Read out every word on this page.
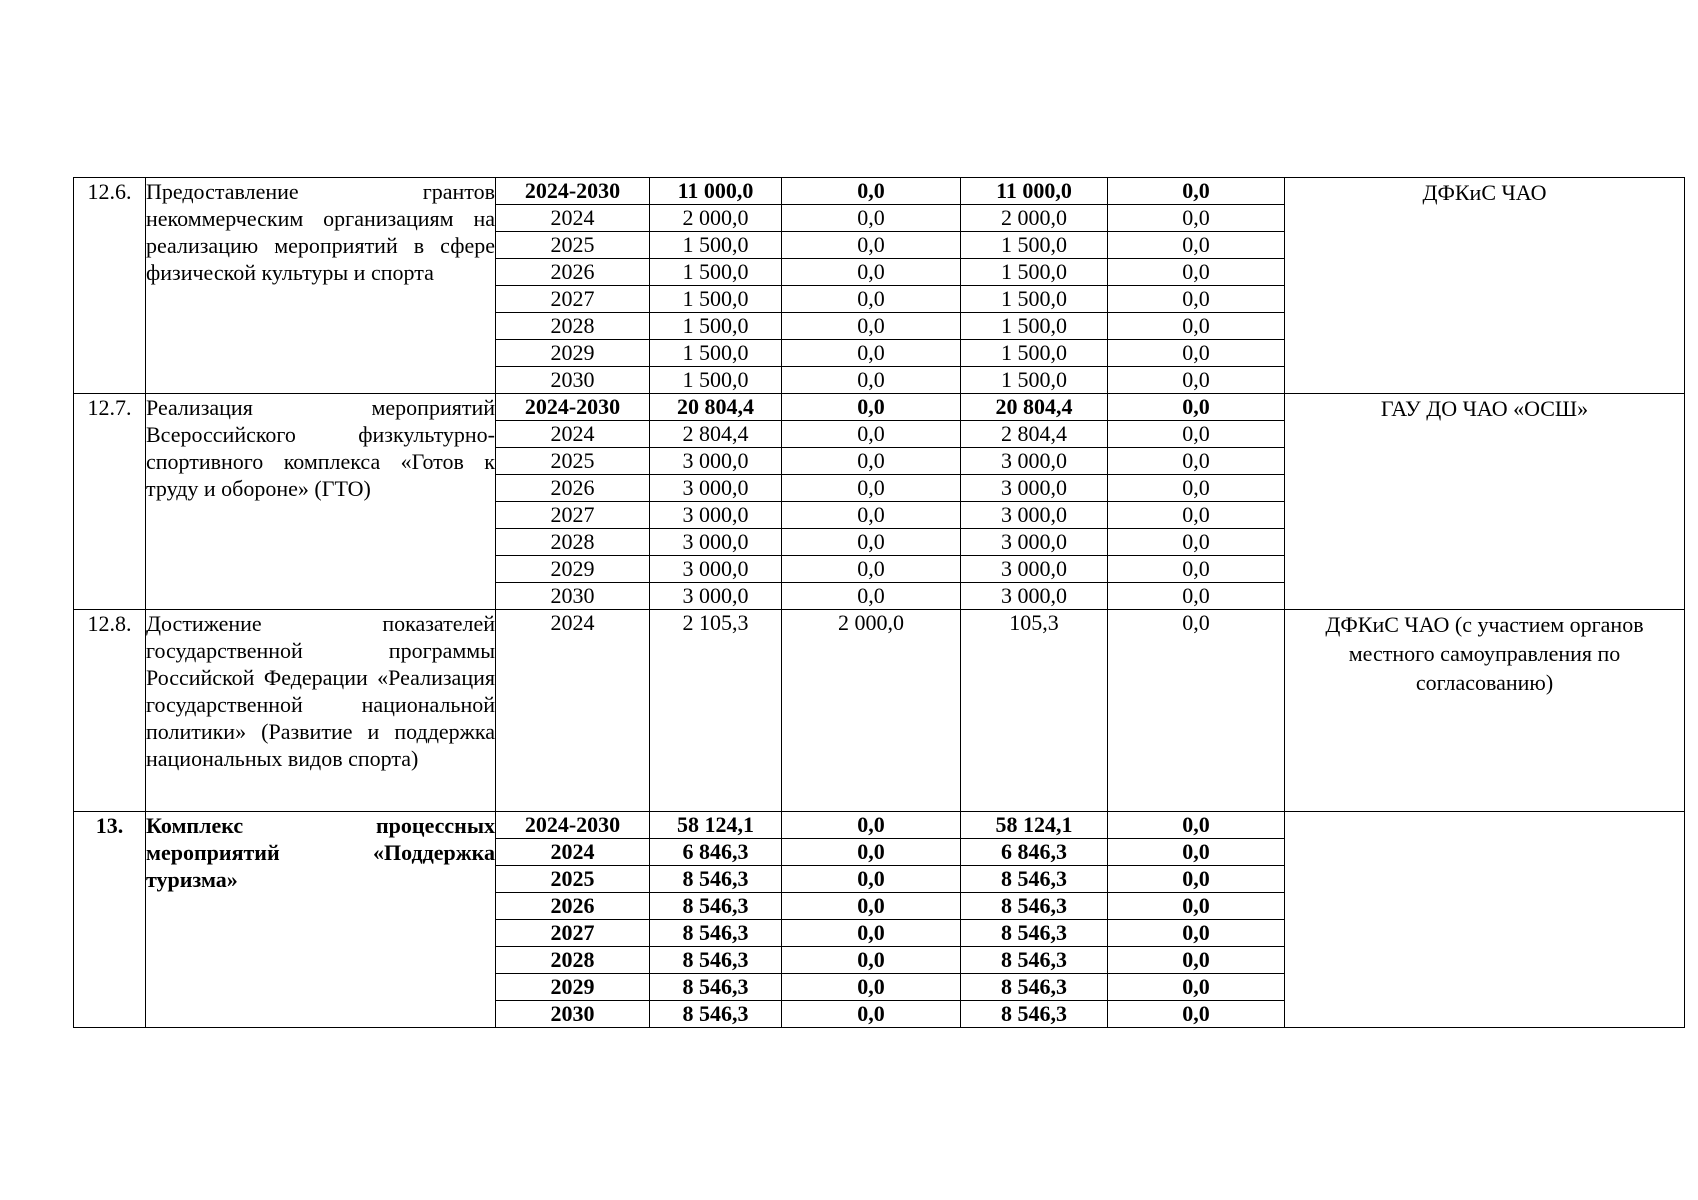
12.6.	Предоставление грантов некоммерческим организациям на реализацию мероприятий в сфере физической культуры и спорта	2024-2030	11 000,0	0,0	11 000,0	0,0	ДФКиС ЧАО
		2024	2 000,0	0,0	2 000,0	0,0	
		2025	1 500,0	0,0	1 500,0	0,0	
		2026	1 500,0	0,0	1 500,0	0,0	
		2027	1 500,0	0,0	1 500,0	0,0	
		2028	1 500,0	0,0	1 500,0	0,0	
		2029	1 500,0	0,0	1 500,0	0,0	
		2030	1 500,0	0,0	1 500,0	0,0	
12.7.	Реализация мероприятий Всероссийского физкультурно-спортивного комплекса «Готов к труду и обороне» (ГТО)	2024-2030	20 804,4	0,0	20 804,4	0,0	ГАУ ДО ЧАО «ОСШ»
		2024	2 804,4	0,0	2 804,4	0,0	
		2025	3 000,0	0,0	3 000,0	0,0	
		2026	3 000,0	0,0	3 000,0	0,0	
		2027	3 000,0	0,0	3 000,0	0,0	
		2028	3 000,0	0,0	3 000,0	0,0	
		2029	3 000,0	0,0	3 000,0	0,0	
		2030	3 000,0	0,0	3 000,0	0,0	
12.8.	Достижение показателей государственной программы Российской Федерации «Реализация государственной национальной политики» (Развитие и поддержка национальных видов спорта)	2024	2 105,3	2 000,0	105,3	0,0	ДФКиС ЧАО (с участием органов местного самоуправления по согласованию)
13.	Комплекс процессных мероприятий «Поддержка туризма»	2024-2030	58 124,1	0,0	58 124,1	0,0	
		2024	6 846,3	0,0	6 846,3	0,0	
		2025	8 546,3	0,0	8 546,3	0,0	
		2026	8 546,3	0,0	8 546,3	0,0	
		2027	8 546,3	0,0	8 546,3	0,0	
		2028	8 546,3	0,0	8 546,3	0,0	
		2029	8 546,3	0,0	8 546,3	0,0	
		2030	8 546,3	0,0	8 546,3	0,0	
